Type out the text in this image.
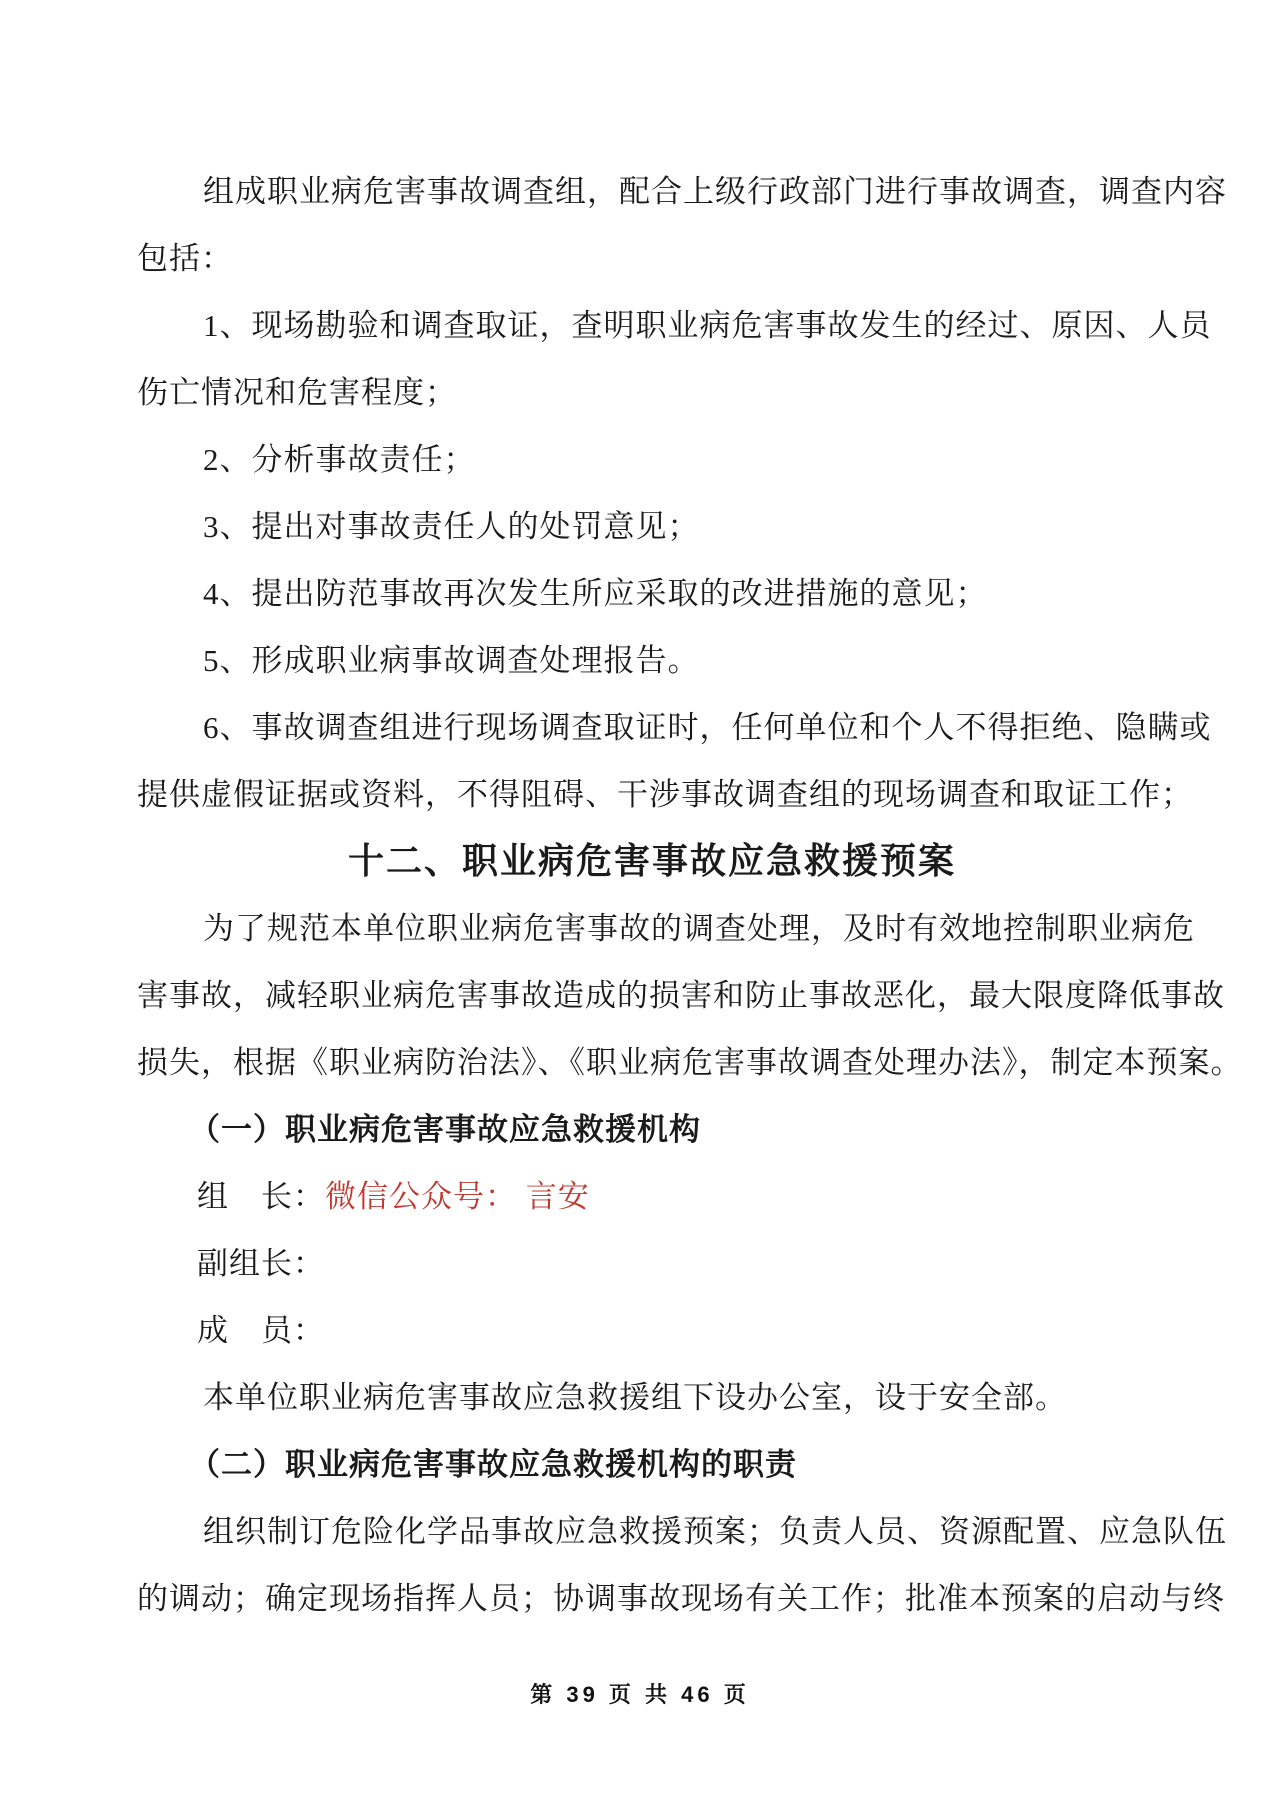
组成职业病危害事故调查组，配合上级行政部门进行事故调查，调查内容
包括：
1、现场勘验和调查取证，查明职业病危害事故发生的经过、原因、人员
伤亡情况和危害程度；
2、分析事故责任；
3、提出对事故责任人的处罚意见；
4、提出防范事故再次发生所应采取的改进措施的意见；
5、形成职业病事故调查处理报告。
6、事故调查组进行现场调查取证时，任何单位和个人不得拒绝、隐瞒或
提供虚假证据或资料，不得阻碍、干涉事故调查组的现场调查和取证工作；
十二、职业病危害事故应急救援预案
为了规范本单位职业病危害事故的调查处理，及时有效地控制职业病危
害事故，减轻职业病危害事故造成的损害和防止事故恶化，最大限度降低事故
损失，根据《职业病防治法》、《职业病危害事故调查处理办法》，制定本预案。
（一）职业病危害事故应急救援机构
组　长： 微信公众号： 言安
副组长：
成　员：
本单位职业病危害事故应急救援组下设办公室，设于安全部。
（二）职业病危害事故应急救援机构的职责
组织制订危险化学品事故应急救援预案；负责人员、资源配置、应急队伍
的调动；确定现场指挥人员；协调事故现场有关工作；批准本预案的启动与终
第 39 页 共 46 页
